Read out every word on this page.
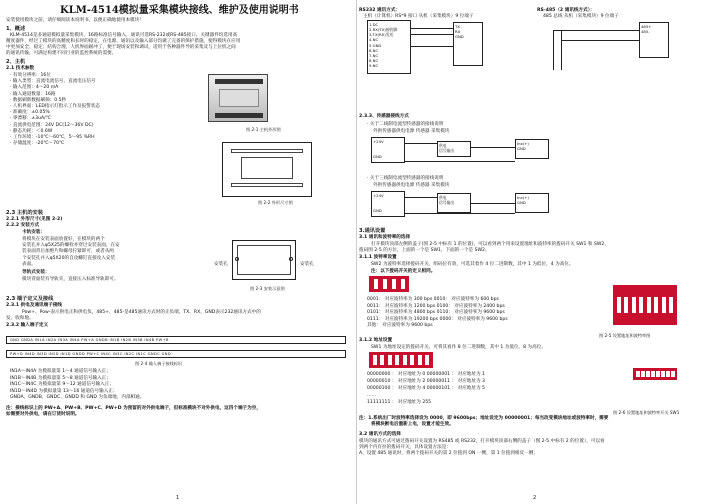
KLM-4514模拟量采集模块接线、维护及使用说明书
安装使用模块之前，请仔细阅读本说明书，以便正确地使用本模块！
1、概述
KLM-4514是多通道模拟量采集模块，16路标准信号输入，通讯可选RS-232或RS-485接口，关键器件均选用高
精度器件，经过了模块的高精度和长时的稳定，在电源、通讯以及输入部分均做了完备的保护措施，使得模块在应用
中更加安全、稳定；结构合理，人机界面耐冲了，便于现场安装和调试，适用于各种器件导的采集及与上位机之间
的通讯传输，可满足构建不同行业的监控系统的需要。
2、主机
2.1 技术参数
· 有效分辨率：16位
· 输入类型：直流电流信号、直流电压信号
· 输入范围：4～20 mA
· 输入通道数量：16路
· 数据刷新数据刷频：0.5秒
· 人机界面：LED指示灯指示工作及报警状态
· 准确度：±0.05%
· 零漂移：±3uA/℃
· 直流供电范围：24V DC(12～36V DC)
· 静态功耗：＜0.6W
· 工作环境：-10℃～60℃，5～95 %RH
· 存储温度：-20℃～70℃
图 2-1 主机外形图
图 2-2 外形尺寸图
2.3 主机的安装
2.2.1 外形尺寸(见图 2-2)
2.2.2 安装方式
卡轨安装：
将模块在安装表面放置好，在模块的两个
安装孔并入φ5X25的螺栓并穿过安装表面，在安
装表面背后加绝片和螺母拧紧即可，或者从两
个安装孔并入φ5X20的自攻螺钉直接攻入安装
表面。
导轨式安装：
模块背面装有导轨夹，直接压入标准导轨即可。
安装孔	安装孔
图 2-3 安装示意图
2.3 端子定义及接线
2.3.1 供电及通讯端子接线
Pow+、Pow-表示供电正和供电负，485+、485-是485通讯方式时的正负端，TX、RX、GND表示232通讯方式中的
发、收和地。
2.3.2 输入端子定义
GND GNDA IN1A IN2A IN3A IN4A PW+A GNDB IN1B IN2B IN3B IN4B PW+B
PW+D IN4D IN3D IN2D IN1D GNDD PW+C IN4C IN3C IN2C IN1C GNDC GND
图 2-4 输入端子接线标识
IN1A～IN4A 为模拟量第 1～4 通道信号输入正；
IN1B～IN4B 为模拟量第 5～8 通道信号输入正；
IN1C～IN4C 为模拟量第 9～12 通道信号输入正；
IN1D～IN4D 为模拟量第 13～16 通道信号输入正；
GNDA、GNDB、GNDC、GNDD 和 GND 为负端地，内部相通。
注：接线标识上的 PW+A、PW+B、PW+C、PW+D 为预留的对外供电端子，但标准模块不对外供电，这四个端子为空，
如需要对外供电，请在订货时说明。
1
RS232 通讯方式：
主机（计算机）RS*9 接口 从机（采集模块）9 位端子
1.DC
2.RX(TX)接收脚
3.TX(RX)发送
4.NC
5.GND
6.NC
7.NC
8.NC
9.NC
TX
RX
GND
RS-485（2 通讯线方式）：
485 总线 从机（采集模块）9 位端子
485+
485-
2.3.3、传感器接线方式
· 关于二线制电流型传感器的接线说明
外供传感器供电电源 传感器 采集模块
+24V
GND
供电
信号输出
Inx(+)
GND
· 关于三线制电流型传感器的接线说明
外供传感器供电电源 传感器 采集模块
+24V
GND
供电
信号输出
Inx(+)
GND
3.通讯设置
3.1 通讯和波特率的选择
打开模块顶部左侧的盖子(图 2-5 中标有 1 的位置)，可以看到两个用来设置地址和波特率的拨码开关 SW1 和 SW2，
拨码图 2-5 的方位，上面的一个是 SW1，下面的一个是 SW2。
3.1.1 波特率设置
SW2 为波特率选择拨码开关，组码位有效，可选其着作 4 位二进制数，其中 1 为低位，4 为高位。
注：以下拨码开关的定义相同。
0001： 对应波特率为 300 bps 0010： 对应波特率为 600 bps
0011： 对应波特率为 1200 bps 0100： 对应波特率为 2400 bps
0101： 对应波特率为 4800 bps 0110： 对应波特率为 9600 bps
0111： 对应波特率为 19200 bps 0000： 对应波特率为 9600 bps
其他： 对应波特率为 9600 bps
图 2-5 设置地址和波特率图
3.1.2 地址设置
SW1 为地址设定的拨码开关，可将其看作 8 位二进制数，其中 1 为低位，8 为高位。
00000000 ： 对应地址为 0 00000001 ： 对应地址为 1
00000010 ： 对应地址为 2 00000011 ： 对应地址为 3
00000100 ： 对应地址为 4 00000101 ： 对应地址为 5
……
11111111 ： 对应地址为 255
图 2-6 设置地址和波特率开关 SW1
注：1.系统出厂时波特率选择设为 0000，即 9600bps；地址设定为 00000001；每当改变模块地址或波特率时，需要
将模块断电后重新上电，设置才能生效。
3.2 通讯方式的选择
模块的通讯方式可通过拨码开关设置为 RS485 或 RS232，打开模块顶部右侧的盖子（图 2-5 中标有 2 的位置），可以看
到两个内有拉的拨码开关，具体设置方法是：
A、设置 485 通讯时，将两个拨码开关的第 2 位拨到 ON 一侧，第 1 位拨到相反一侧；
2
